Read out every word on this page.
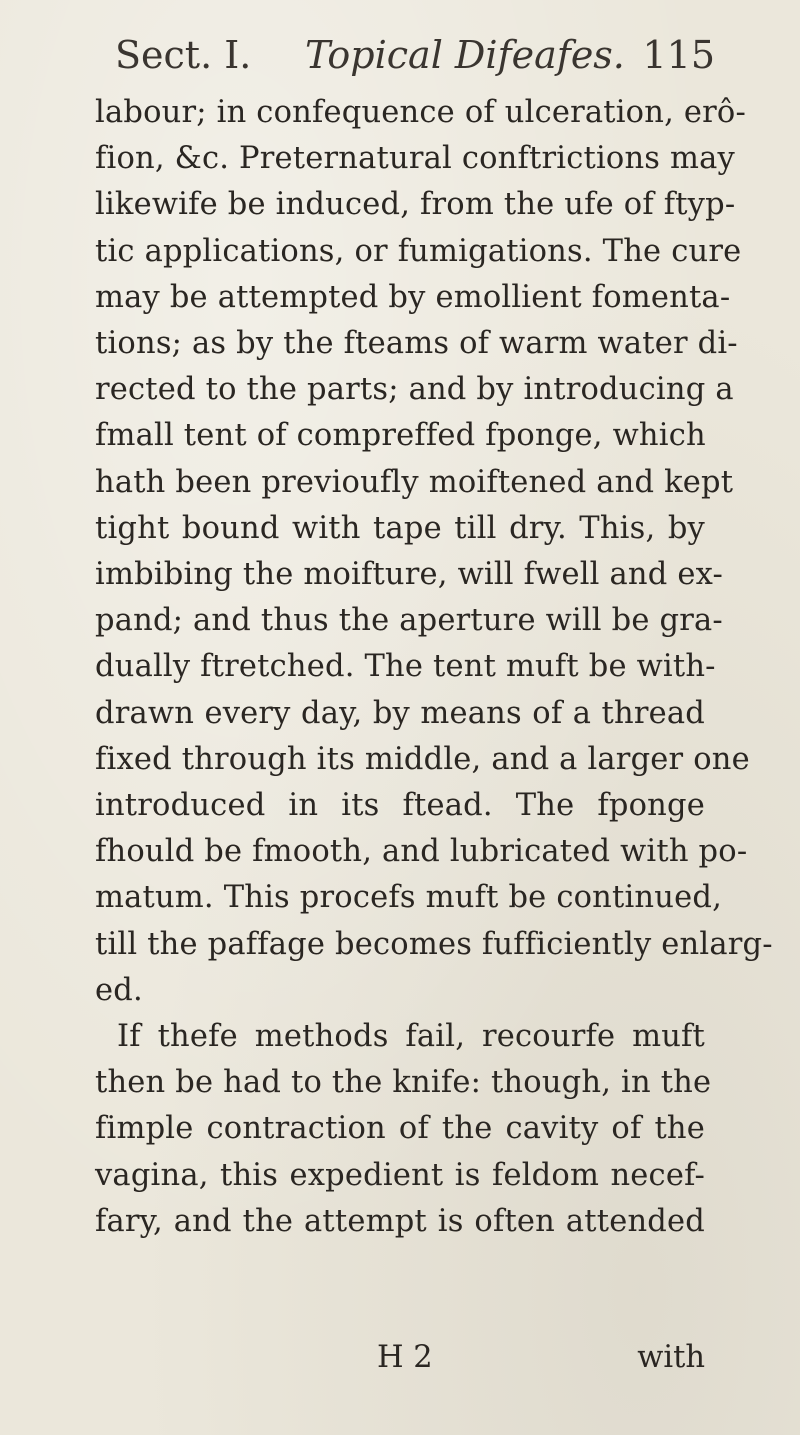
Sect. I. Topical Difeafes. 115
labour; in confequence of ulceration, erô-
fion, &c. Preternatural conftrictions may
likewife be induced, from the ufe of ftyp-
tic applications, or fumigations. The cure
may be attempted by emollient fomenta-
tions; as by the fteams of warm water di-
rected to the parts; and by introducing a
fmall tent of compreffed fponge, which
hath been previoufly moiftened and kept
tight bound with tape till dry. This, by
imbibing the moifture, will fwell and ex-
pand; and thus the aperture will be gra-
dually ftretched. The tent muft be with-
drawn every day, by means of a thread
fixed through its middle, and a larger one
introduced in its ftead. The fponge
fhould be fmooth, and lubricated with po-
matum. This procefs muft be continued,
till the paffage becomes fufficiently enlarg-
ed.
If thefe methods fail, recourfe muft
then be had to the knife: though, in the
fimple contraction of the cavity of the
vagina, this expedient is feldom necef-
fary, and the attempt is often attended
H 2	with
